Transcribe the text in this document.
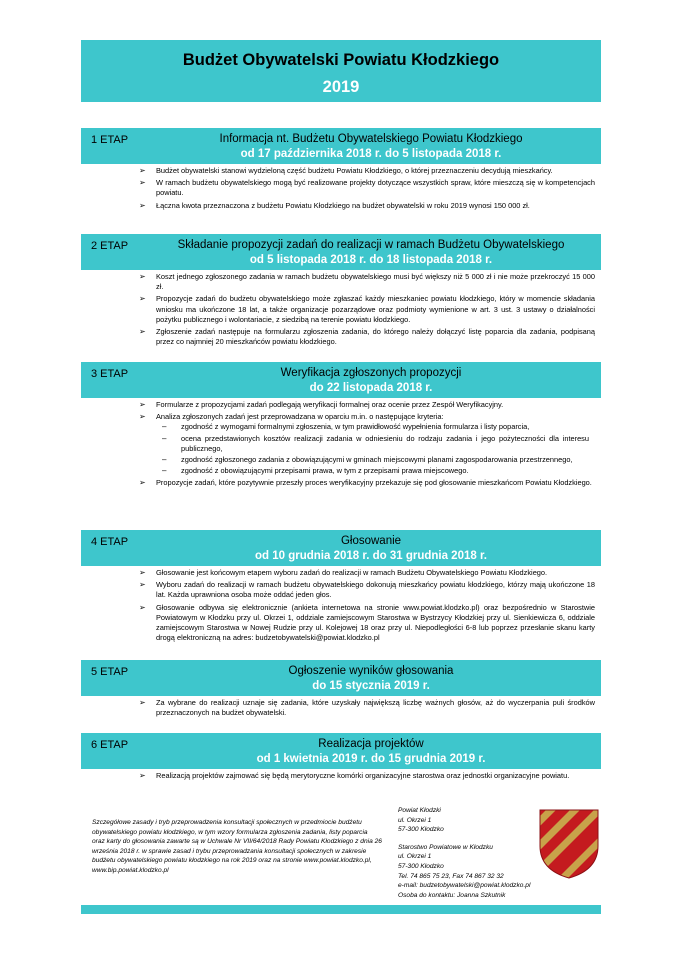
Budżet Obywatelski Powiatu Kłodzkiego
2019
1 ETAP	Informacja nt. Budżetu Obywatelskiego Powiatu Kłodzkiego
od 17 października 2018 r. do 5 listopada 2018 r.
➢ Budżet obywatelski stanowi wydzieloną część budżetu Powiatu Kłodzkiego, o której przeznaczeniu decydują mieszkańcy.
➢ W ramach budżetu obywatelskiego mogą być realizowane projekty dotyczące wszystkich spraw, które mieszczą się w kompetencjach powiatu.
➢ Łączna kwota przeznaczona z budżetu Powiatu Kłodzkiego na budżet obywatelski w roku 2019 wynosi 150 000 zł.
2 ETAP	Składanie propozycji zadań do realizacji w ramach Budżetu Obywatelskiego
od 5 listopada 2018 r. do 18 listopada 2018 r.
➢ Koszt jednego zgłoszonego zadania w ramach budżetu obywatelskiego musi być większy niż 5 000 zł i nie może przekroczyć 15 000 zł.
➢ Propozycje zadań do budżetu obywatelskiego może zgłaszać każdy mieszkaniec powiatu kłodzkiego, który w momencie składania wniosku ma ukończone 18 lat, a także organizacje pozarządowe oraz podmioty wymienione w art. 3 ust. 3 ustawy o działalności pożytku publicznego i wolontariacie, z siedzibą na terenie powiatu kłodzkiego.
➢ Zgłoszenie zadań następuje na formularzu zgłoszenia zadania, do którego należy dołączyć listę poparcia dla zadania, podpisaną przez co najmniej 20 mieszkańców powiatu kłodzkiego.
3 ETAP	Weryfikacja zgłoszonych propozycji
do 22 listopada 2018 r.
➢ Formularze z propozycjami zadań podlegają weryfikacji formalnej oraz ocenie przez Zespół Weryfikacyjny.
➢ Analiza zgłoszonych zadań jest przeprowadzana w oparciu m.in. o następujące kryteria:
– zgodność z wymogami formalnymi zgłoszenia, w tym prawidłowość wypełnienia formularza i listy poparcia,
– ocena przedstawionych kosztów realizacji zadania w odniesieniu do rodzaju zadania i jego pożyteczności dla interesu publicznego,
– zgodność zgłoszonego zadania z obowiązującymi w gminach miejscowymi planami zagospodarowania przestrzennego,
– zgodność z obowiązującymi przepisami prawa, w tym z przepisami prawa miejscowego.
➢ Propozycje zadań, które pozytywnie przeszły proces weryfikacyjny przekazuje się pod głosowanie mieszkańcom Powiatu Kłodzkiego.
4 ETAP	Głosowanie
od 10 grudnia 2018 r. do 31 grudnia 2018 r.
➢ Głosowanie jest końcowym etapem wyboru zadań do realizacji w ramach Budżetu Obywatelskiego Powiatu Kłodzkiego.
➢ Wyboru zadań do realizacji w ramach budżetu obywatelskiego dokonują mieszkańcy powiatu kłodzkiego, którzy mają ukończone 18 lat. Każda uprawniona osoba może oddać jeden głos.
➢ Głosowanie odbywa się elektronicznie (ankieta internetowa na stronie www.powiat.klodzko.pl) oraz bezpośrednio w Starostwie Powiatowym w Kłodzku przy ul. Okrzei 1, oddziale zamiejscowym Starostwa w Bystrzycy Kłodzkiej przy ul. Sienkiewicza 6, oddziale zamiejscowym Starostwa w Nowej Rudzie przy ul. Kolejowej 18 oraz przy ul. Niepodległości 6-8 lub poprzez przesłanie skanu karty drogą elektroniczną na adres: budzetobywatelski@powiat.klodzko.pl
5 ETAP	Ogłoszenie wyników głosowania
do 15 stycznia 2019 r.
➢ Za wybrane do realizacji uznaje się zadania, które uzyskały największą liczbę ważnych głosów, aż do wyczerpania puli środków przeznaczonych na budżet obywatelski.
6 ETAP	Realizacja projektów
od 1 kwietnia 2019 r. do 15 grudnia 2019 r.
➢ Realizacją projektów zajmować się będą merytoryczne komórki organizacyjne starostwa oraz jednostki organizacyjne powiatu.
Szczegółowe zasady i tryb przeprowadzenia konsultacji społecznych w przedmiocie budżetu obywatelskiego powiatu kłodzkiego, w tym wzory formularza zgłoszenia zadania, listy poparcia oraz karty do głosowania zawarte są w Uchwale Nr VII/64/2018 Rady Powiatu Kłodzkiego z dnia 26 września 2018 r. w sprawie zasad i trybu przeprowadzania konsultacji społecznych w zakresie budżetu obywatelskiego powiatu kłodzkiego na rok 2019 oraz na stronie www.powiat.klodzko.pl, www.bip.powiat.klodzko.pl
Powiat Kłodzki
ul. Okrzei 1
57-300 Kłodzko
Starostwo Powiatowe w Kłodzku
ul. Okrzei 1
57-300 Kłodzko
Tel. 74 865 75 23, Fax 74 867 32 32
e-mail: budzetobywatelski@powiat.klodzko.pl
Osoba do kontaktu: Joanna Szkutnik
